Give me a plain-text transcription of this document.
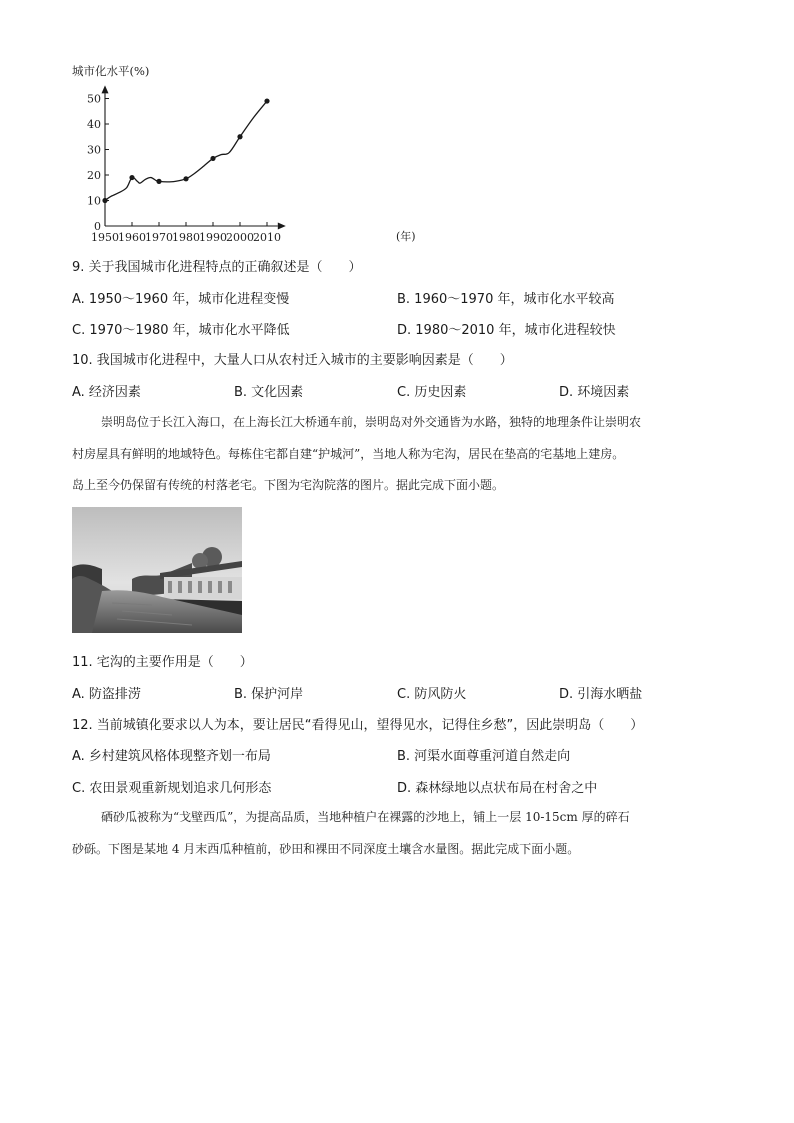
城市化水平(%)
1950 1960 1970 1980 1990 2000 2010
0
10
20
30
40
50
(年)
9. 关于我国城市化进程特点的正确叙述是（　　）
A. 1950～1960 年，城市化进程变慢	B. 1960～1970 年，城市化水平较高
C. 1970～1980 年，城市化水平降低	D. 1980～2010 年，城市化进程较快
10. 我国城市化进程中，大量人口从农村迁入城市的主要影响因素是（　　）
A. 经济因素	B. 文化因素	C. 历史因素	D. 环境因素
崇明岛位于长江入海口，在上海长江大桥通车前，崇明岛对外交通皆为水路，独特的地理条件让崇明农
村房屋具有鲜明的地域特色。每栋住宅都自建“护城河”，当地人称为宅沟，居民在垫高的宅基地上建房。
岛上至今仍保留有传统的村落老宅。下图为宅沟院落的图片。据此完成下面小题。
11. 宅沟的主要作用是（　　）
A. 防盗排涝	B. 保护河岸	C. 防风防火	D. 引海水晒盐
12. 当前城镇化要求以人为本，要让居民“看得见山，望得见水，记得住乡愁”，因此崇明岛（　　）
A. 乡村建筑风格体现整齐划一布局	B. 河渠水面尊重河道自然走向
C. 农田景观重新规划追求几何形态	D. 森林绿地以点状布局在村舍之中
硒砂瓜被称为“戈壁西瓜”，为提高品质，当地种植户在裸露的沙地上，铺上一层 10-15cm 厚的碎石
砂砾。下图是某地 4 月末西瓜种植前，砂田和裸田不同深度土壤含水量图。据此完成下面小题。
